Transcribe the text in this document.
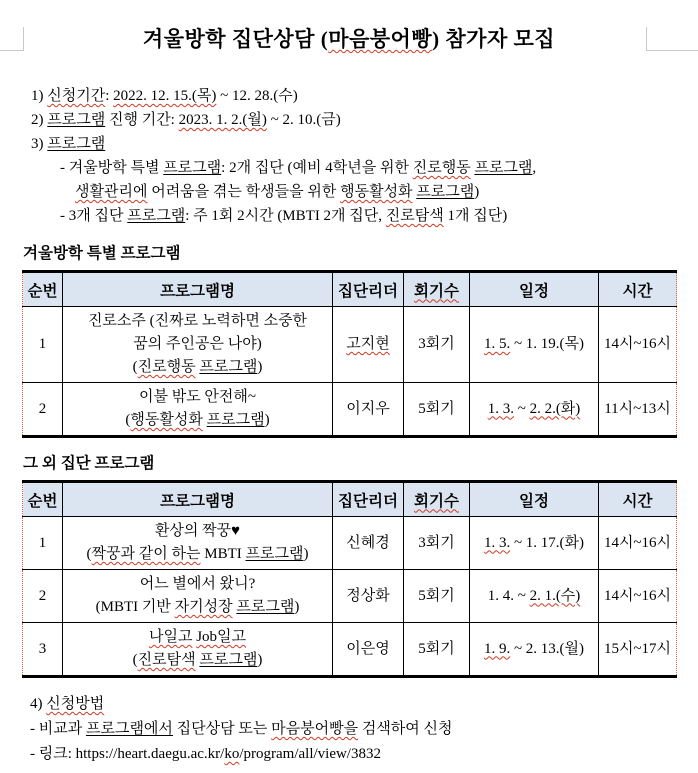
겨울방학 집단상담 (마음붕어빵) 참가자 모집
1) 신청기간: 2022. 12. 15.(목) ~ 12. 28.(수)
2) 프로그램 진행 기간: 2023. 1. 2.(월) ~ 2. 10.(금)
3) 프로그램
- 겨울방학 특별 프로그램: 2개 집단 (예비 4학년을 위한 진로행동 프로그램,
생활관리에 어려움을 겪는 학생들을 위한 행동활성화 프로그램)
- 3개 집단 프로그램: 주 1회 2시간 (MBTI 2개 집단, 진로탐색 1개 집단)
겨울방학 특별 프로그램
순번	프로그램명	집단리더	회기수	일정	시간
1	진로소주 (진짜로 노력하면 소중한
꿈의 주인공은 나야)
(진로행동 프로그램)	고지현	3회기	1. 5. ~ 1. 19.(목)	14시~16시
2	이불 밖도 안전해~
(행동활성화 프로그램)	이지우	5회기	1. 3. ~ 2. 2.(화)	11시~13시
그 외 집단 프로그램
순번	프로그램명	집단리더	회기수	일정	시간
1	환상의 짝꿍♥
(짝꿍과 같이 하는 MBTI 프로그램)	신혜경	3회기	1. 3. ~ 1. 17.(화)	14시~16시
2	어느 별에서 왔니?
(MBTI 기반 자기성장 프로그램)	정상화	5회기	1. 4. ~ 2. 1.(수)	14시~16시
3	나일고 Job일고
(진로탐색 프로그램)	이은영	5회기	1. 9. ~ 2. 13.(월)	15시~17시
4) 신청방법
- 비교과 프로그램에서 집단상담 또는 마음붕어빵을 검색하여 신청
- 링크: https://heart.daegu.ac.kr/ko/program/all/view/3832
